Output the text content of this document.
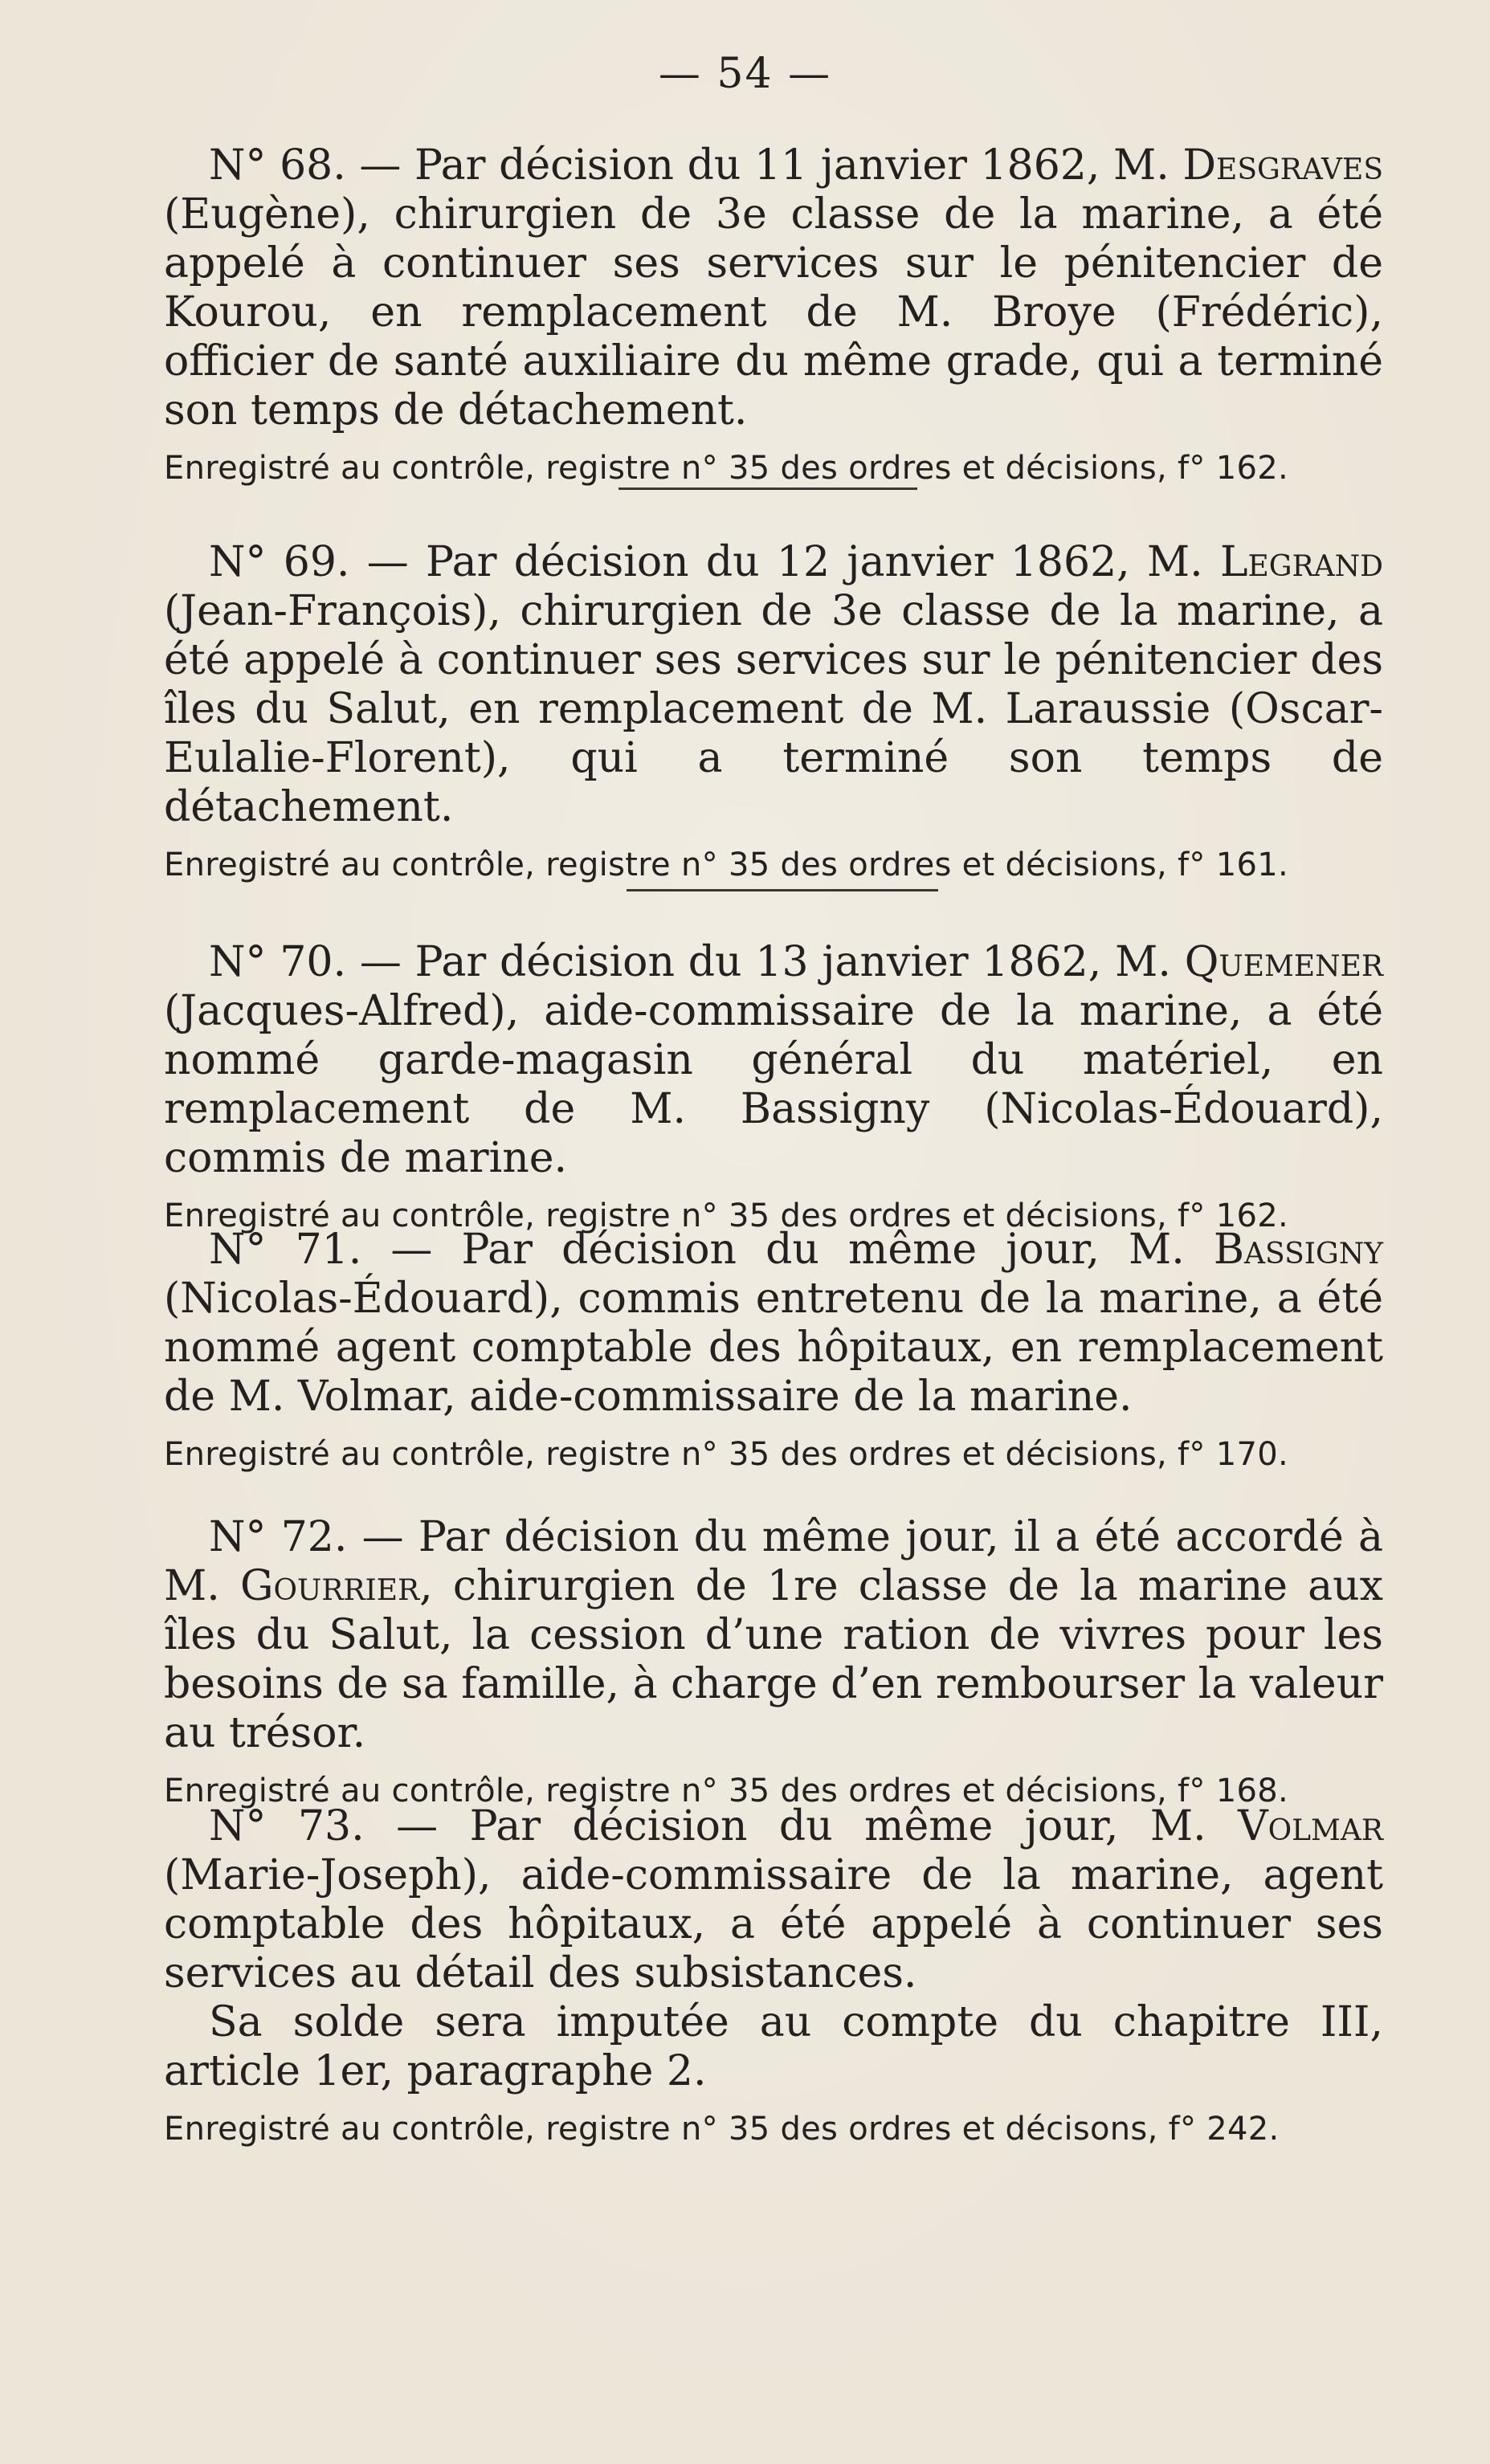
— 54 —

N° 68. — Par décision du 11 janvier 1862, M. Desgraves (Eugène), chirurgien de 3e classe de la marine, a été appelé à continuer ses services sur le pénitencier de Kourou, en remplacement de M. Broye (Frédéric), officier de santé auxiliaire du même grade, qui a terminé son temps de détachement.

Enregistré au contrôle, registre n° 35 des ordres et décisions, f° 162.

N° 69. — Par décision du 12 janvier 1862, M. Legrand (Jean-François), chirurgien de 3e classe de la marine, a été appelé à continuer ses services sur le pénitencier des îles du Salut, en remplacement de M. Laraussie (Oscar-Eulalie-Florent), qui a terminé son temps de détachement.

Enregistré au contrôle, registre n° 35 des ordres et décisions, f° 161.

N° 70. — Par décision du 13 janvier 1862, M. Quemener (Jacques-Alfred), aide-commissaire de la marine, a été nommé garde-magasin général du matériel, en remplacement de M. Bassigny (Nicolas-Édouard), commis de marine.

Enregistré au contrôle, registre n° 35 des ordres et décisions, f° 162.

N° 71. — Par décision du même jour, M. Bassigny (Nicolas-Édouard), commis entretenu de la marine, a été nommé agent comptable des hôpitaux, en remplacement de M. Volmar, aide-commissaire de la marine.

Enregistré au contrôle, registre n° 35 des ordres et décisions, f° 170.

N° 72. — Par décision du même jour, il a été accordé à M. Gourrier, chirurgien de 1re classe de la marine aux îles du Salut, la cession d’une ration de vivres pour les besoins de sa famille, à charge d’en rembourser la valeur au trésor.

Enregistré au contrôle, registre n° 35 des ordres et décisions, f° 168.

N° 73. — Par décision du même jour, M. Volmar (Marie-Joseph), aide-commissaire de la marine, agent comptable des hôpitaux, a été appelé à continuer ses services au détail des subsistances.

Sa solde sera imputée au compte du chapitre III, article 1er, paragraphe 2.

Enregistré au contrôle, registre n° 35 des ordres et décisons, f° 242.
